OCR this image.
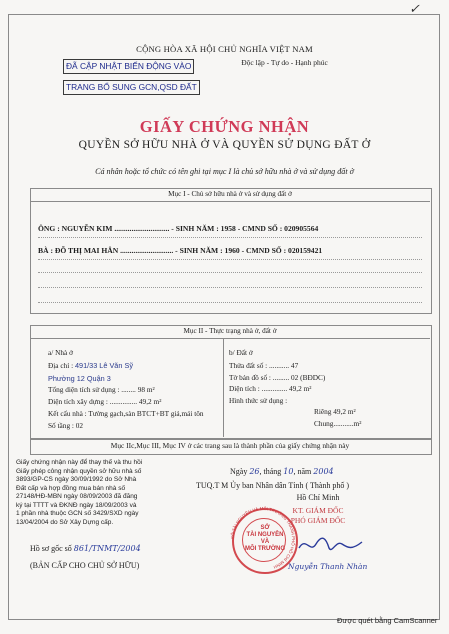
✓
CỘNG HÒA XÃ HỘI CHỦ NGHĨA VIỆT NAM
Độc lập - Tự do - Hạnh phúc
ĐÃ CẬP NHẬT BIẾN ĐỘNG VÀO
TRANG BỔ SUNG GCN,QSD ĐẤT
GIẤY CHỨNG NHẬN
QUYỀN SỞ HỮU NHÀ Ở VÀ QUYỀN SỬ DỤNG ĐẤT Ở
Cá nhân hoặc tổ chức có tên ghi tại mục I là chủ sở hữu nhà ở và sử dụng đất ở
Mục I - Chủ sở hữu nhà ở và sử dụng đất ở
ÔNG : NGUYỄN KIM ............................. - SINH NĂM : 1958 - CMND SỐ : 020905564
BÀ : ĐỖ THỊ MAI HÂN ............................ - SINH NĂM : 1960 - CMND SỐ : 020159421
Mục II - Thực trạng nhà ở, đất ở
a/ Nhà ở
Địa chỉ : 491/33 Lê Văn Sỹ
Phường 12 Quận 3
Tổng diện tích sử dụng : ........ 98 m²
Diện tích xây dựng : ............... 49,2 m²
Kết cấu nhà : Tường gạch,sàn BTCT+BT giả,mái tôn
Số tầng : 02
b/ Đất ở
Thửa đất số : ........... 47
Tờ bản đồ số : ......... 02 (BĐDC)
Diện tích : .............. 49,2 m²
Hình thức sử dụng :
Riêng 49,2 m²
Chung...........m²
Mục IIc,Mục III, Mục IV ở các trang sau là thành phần của giấy chứng nhận này
Giấy chứng nhận này để thay thế và thu hồi
Giấy phép công nhận quyền sở hữu nhà số
3893/GP-CS ngày 30/09/1992 do Sở Nhà
Đất cấp và hợp đồng mua bán nhà số
27148/HĐ-MBN ngày 08/09/2003 đã đăng
ký tại TTTT và ĐKNĐ ngày 18/09/2003 và
1 phần nhà thuộc GCN số 3429/SXD ngày
13/04/2004 do Sở Xây Dựng cấp.
Hồ sơ gốc số 861/TNMT/2004
(BẢN CẤP CHO CHỦ SỞ HỮU)
Ngày 26, tháng 10, năm 2004
TUQ.T M Ủy ban Nhân dân Tỉnh ( Thành phố )
Hồ Chí Minh
KT. GIÁM ĐỐC
PHÓ GIÁM ĐỐC
SỞ
TÀI NGUYÊN
VÀ
MÔI TRƯỜNG
SỞ TÀI NGUYÊN VÀ MÔI TRƯỜNG THÀNH PHỐ HỒ CHÍ MINH	Nguyễn Thanh Nhàn
Được quét bằng CamScanner
